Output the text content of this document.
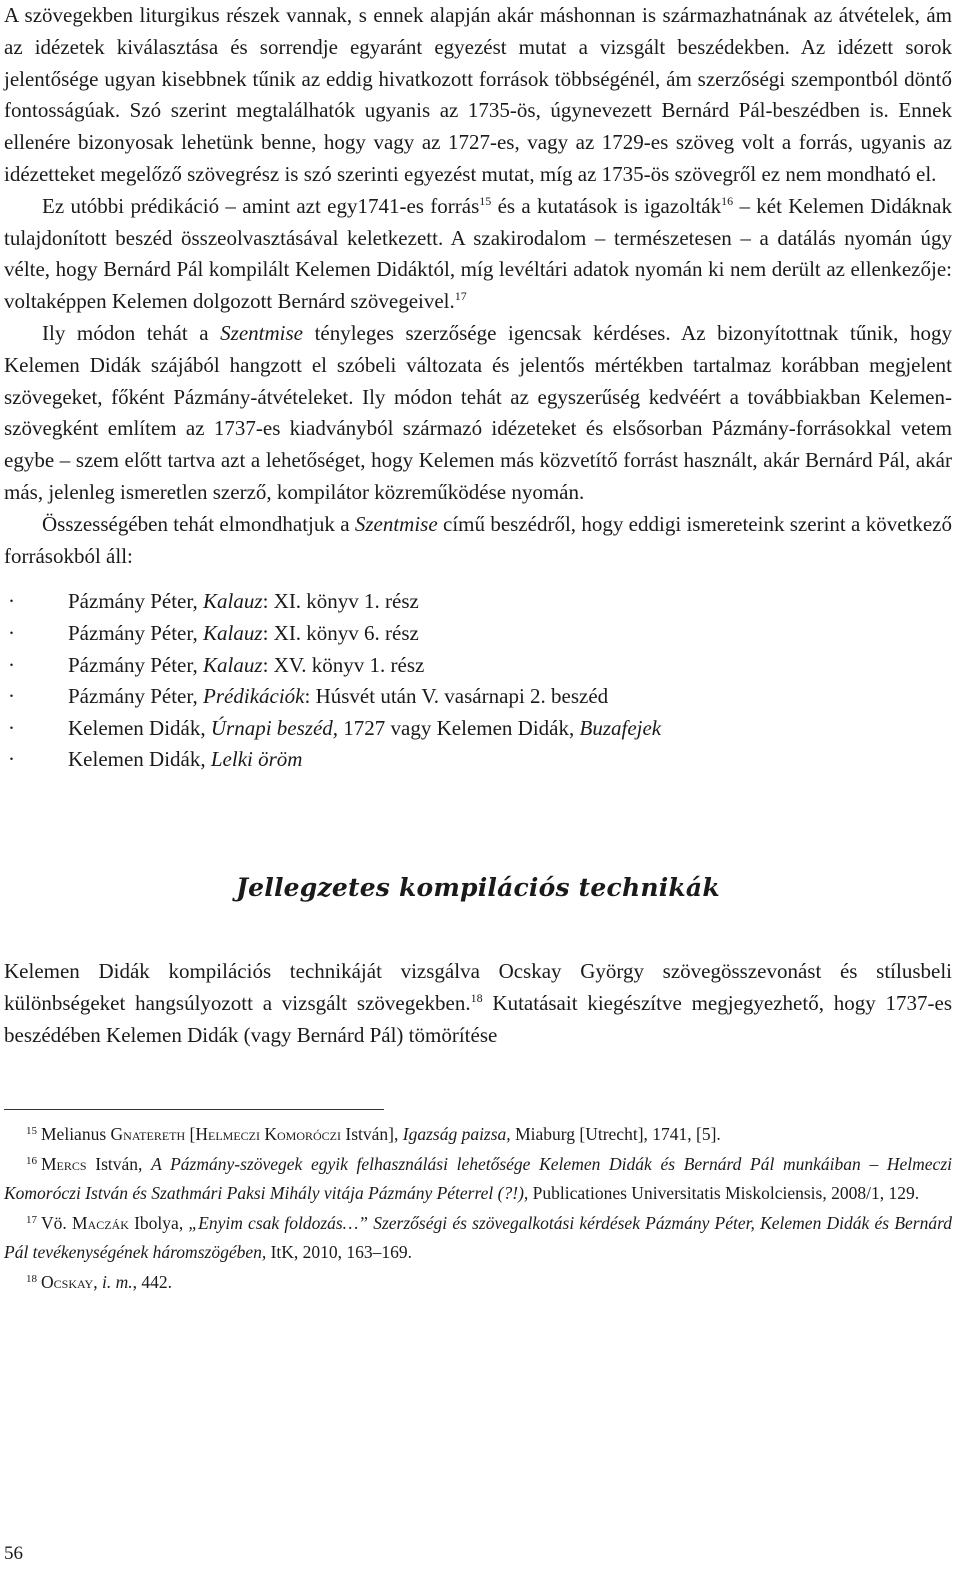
A szövegekben liturgikus részek vannak, s ennek alapján akár máshonnan is származhatnának az átvételek, ám az idézetek kiválasztása és sorrendje egyaránt egyezést mutat a vizsgált beszédekben. Az idézett sorok jelentősége ugyan kisebbnek tűnik az eddig hivatkozott források többségénél, ám szerzőségi szempontból döntő fontosságúak. Szó szerint megtalálhatók ugyanis az 1735-ös, úgynevezett Bernárd Pál-beszédben is. Ennek ellenére bizonyosak lehetünk benne, hogy vagy az 1727-es, vagy az 1729-es szöveg volt a forrás, ugyanis az idézetteket megelőző szövegrész is szó szerinti egyezést mutat, míg az 1735-ös szövegről ez nem mondható el.

Ez utóbbi prédikáció – amint azt egy1741-es forrás$^{15}$ és a kutatások is igazolták$^{16}$ – két Kelemen Didáknak tulajdonított beszéd összeolvasztásával keletkezett. A szakirodalom – természetesen – a datálás nyomán úgy vélte, hogy Bernárd Pál kompilált Kelemen Didáktól, míg levéltári adatok nyomán ki nem derült az ellenkezője: voltaképpen Kelemen dolgozott Bernárd szövegeivel.$^{17}$

Ily módon tehát a Szentmise tényleges szerzősége igencsak kérdéses. Az bizonyítottnak tűnik, hogy Kelemen Didák szájából hangzott el szóbeli változata és jelentős mértékben tartalmaz korábban megjelent szövegeket, főként Pázmány-átvételeket. Ily módon tehát az egyszerűség kedvéért a továbbiakban Kelemen-szövegként említem az 1737-es kiadványból származó idézeteket és elsősorban Pázmány-forrásokkal vetem egybe – szem előtt tartva azt a lehetőséget, hogy Kelemen más közvetítő forrást használt, akár Bernárd Pál, akár más, jelenleg ismeretlen szerző, kompilátor közreműködése nyomán.

Összességében tehát elmondhatjuk a Szentmise című beszédről, hogy eddigi ismereteink szerint a következő forrásokból áll:

·	Pázmány Péter, Kalauz: XI. könyv 1. rész
·	Pázmány Péter, Kalauz: XI. könyv 6. rész
·	Pázmány Péter, Kalauz: XV. könyv 1. rész
·	Pázmány Péter, Prédikációk: Húsvét után V. vasárnapi 2. beszéd
·	Kelemen Didák, Úrnapi beszéd, 1727 vagy Kelemen Didák, Buzafejek
·	Kelemen Didák, Lelki öröm
Jellegzetes kompilációs technikák

Kelemen Didák kompilációs technikáját vizsgálva Ocskay György szövegösszevonást és stílusbeli különbségeket hangsúlyozott a vizsgált szövegekben.$^{18}$ Kutatásait kiegészítve megjegyezhető, hogy 1737-es beszédében Kelemen Didák (vagy Bernárd Pál) tömörítése

$^{15}$ Melianus Gnatereth [Helmeczi Komoróczi István], Igazság paizsa, Miaburg [Utrecht], 1741, [5].

$^{16}$ Mercs István, A Pázmány-szövegek egyik felhasználási lehetősége Kelemen Didák és Bernárd Pál munkáiban – Helmeczi Komoróczi István és Szathmári Paksi Mihály vitája Pázmány Péterrel (?!), Publicationes Universitatis Miskolciensis, 2008/1, 129.

$^{17}$ Vö. Maczák Ibolya, „Enyim csak foldozás…” Szerzőségi és szövegalkotási kérdések Pázmány Péter, Kelemen Didák és Bernárd Pál tevékenységének háromszögében, ItK, 2010, 163–169.

$^{18}$ Ocskay, i. m., 442.

56
